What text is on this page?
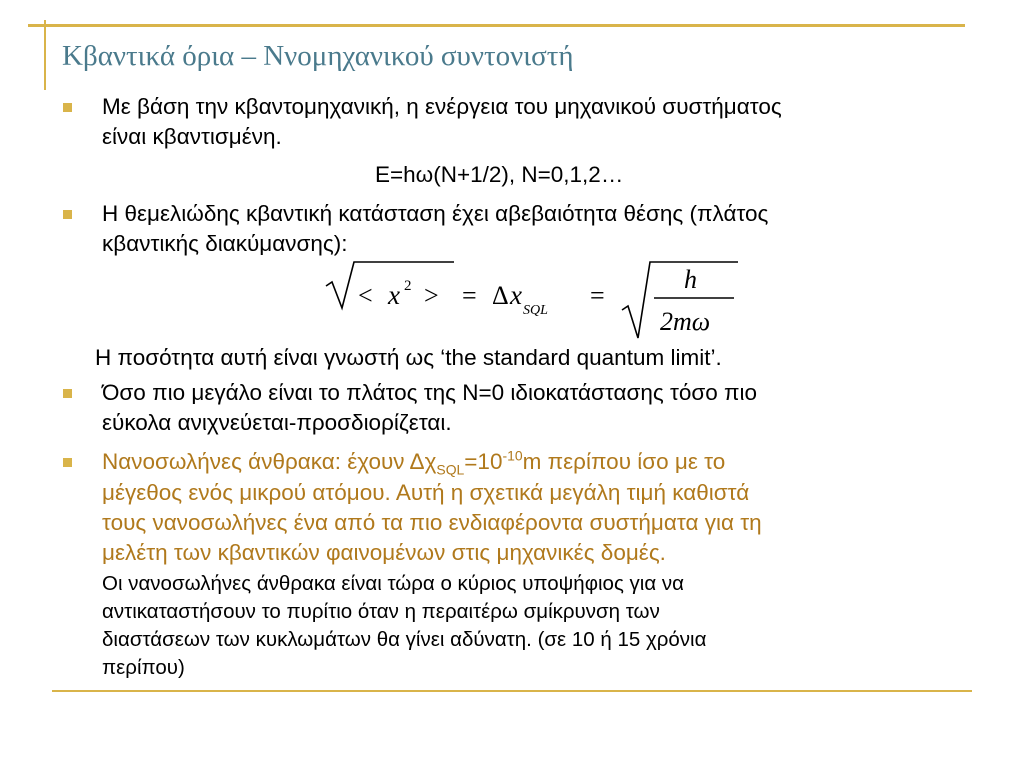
Κβαντικά όρια – Ννομηχανικού συντονιστή

Με βάση την κβαντομηχανική, η ενέργεια του μηχανικού συστήματος

είναι κβαντισμένη.

E=hω(N+1/2), N=0,1,2…

Η θεμελιώδης κβαντική κατάσταση έχει αβεβαιότητα θέσης (πλάτος

κβαντικής διακύμανσης):

< x 2 > = Δ x
SQL
=
h
2mω

Η ποσότητα αυτή είναι γνωστή ως ‘the standard quantum limit’.

Όσο πιο μεγάλο είναι το πλάτος της Ν=0 ιδιοκατάστασης τόσο πιο

εύκολα ανιχνεύεται-προσδιορίζεται.

Νανοσωλήνες άνθρακα: έχουν $\Delta\chi_{SQL}=10^{-10}m$ περίπου ίσο με το

μέγεθος ενός μικρού ατόμου. Αυτή η σχετικά μεγάλη τιμή καθιστά

τους νανοσωλήνες ένα από τα πιο ενδιαφέροντα συστήματα για τη

μελέτη των κβαντικών φαινομένων στις μηχανικές δομές.

Οι νανοσωλήνες άνθρακα είναι τώρα ο κύριος υποψήφιος για να

αντικαταστήσουν το πυρίτιο όταν η περαιτέρω σμίκρυνση των

διαστάσεων των κυκλωμάτων θα γίνει αδύνατη. (σε 10 ή 15 χρόνια

περίπου)
